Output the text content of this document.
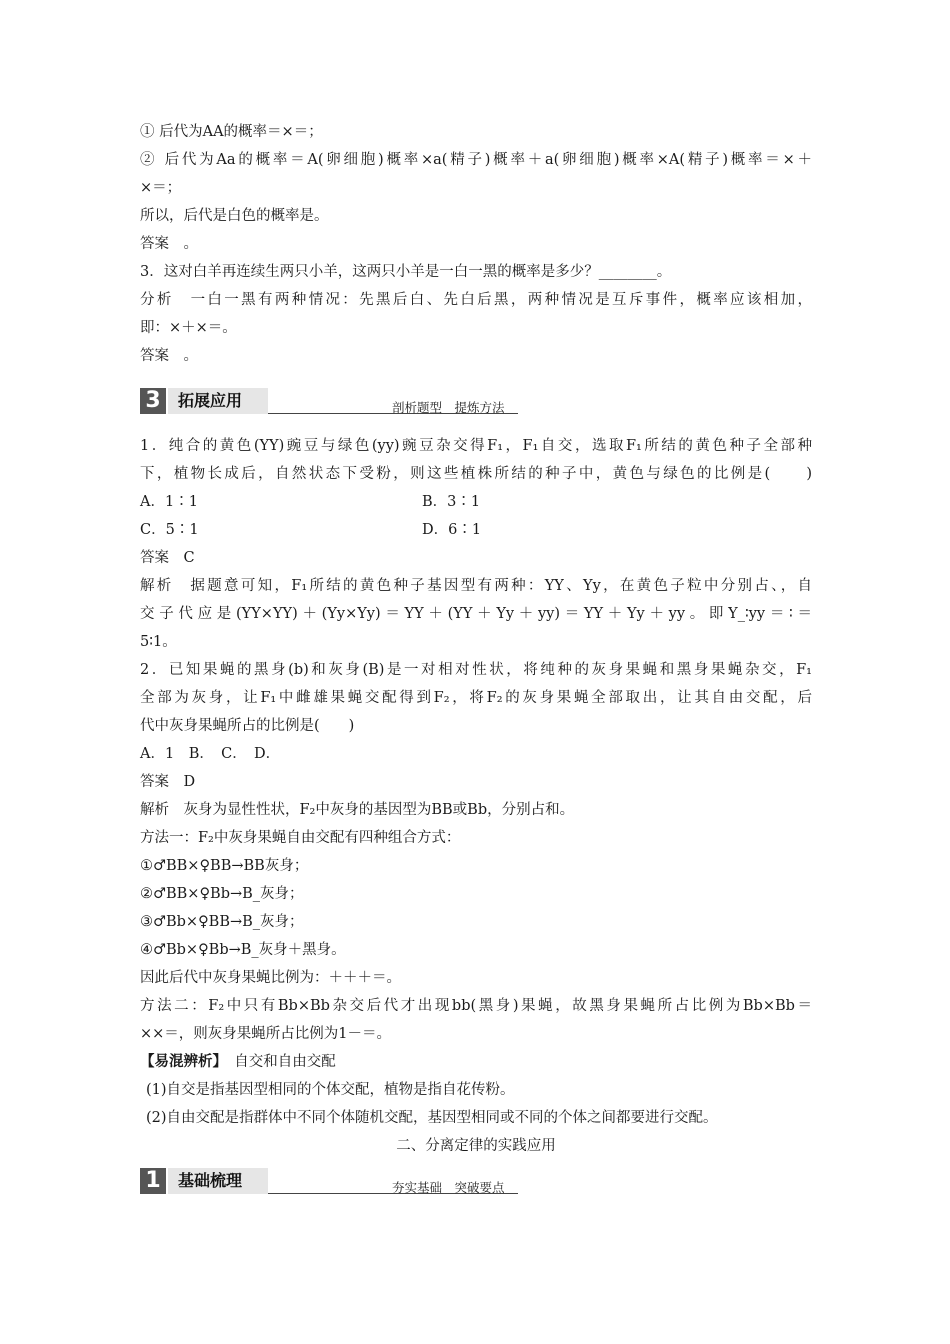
① 后代为AA的概率＝×＝；

② 后代为Aa的概率＝A(卵细胞)概率×a(精子)概率＋a(卵细胞)概率×A(精子)概率＝×＋

×＝；

所以，后代是白色的概率是。

答案　。

3．这对白羊再连续生两只小羊，这两只小羊是一白一黑的概率是多少？________。

分析　一白一黑有两种情况：先黑后白、先白后黑，两种情况是互斥事件，概率应该相加，

即：×＋×＝。

答案　。

3	拓展应用	剖析题型　提炼方法

1．纯合的黄色(YY)豌豆与绿色(yy)豌豆杂交得F₁，F₁自交，选取F₁所结的黄色种子全部种

下，植物长成后，自然状态下受粉，则这些植株所结的种子中，黄色与绿色的比例是(　　)

A．1∶1	B．3∶1
C．5∶1	D．6∶1

答案　C

解析　据题意可知，F₁所结的黄色种子基因型有两种：YY、Yy，在黄色子粒中分别占、，自

交子代应是(YY×YY)＋(Yy×Yy)＝YY＋(YY＋Yy＋yy)＝YY＋Yy＋yy。即Y_∶yy＝∶＝

5∶1。

2．已知果蝇的黑身(b)和灰身(B)是一对相对性状，将纯种的灰身果蝇和黑身果蝇杂交，F₁

全部为灰身，让F₁中雌雄果蝇交配得到F₂，将F₂的灰身果蝇全部取出，让其自由交配，后

代中灰身果蝇所占的比例是(　　)

A．1　B．　C．　D．

答案　D

解析　灰身为显性性状，F₂中灰身的基因型为BB或Bb，分别占和。

方法一：F₂中灰身果蝇自由交配有四种组合方式：

①♂BB×♀BB→BB灰身；

②♂BB×♀Bb→B_灰身；

③♂Bb×♀BB→B_灰身；

④♂Bb×♀Bb→B_灰身＋黑身。

因此后代中灰身果蝇比例为：＋＋＋＝。

方法二：F₂中只有Bb×Bb杂交后代才出现bb(黑身)果蝇，故黑身果蝇所占比例为Bb×Bb＝

××＝，则灰身果蝇所占比例为1－＝。

【易混辨析】　自交和自由交配

(1)自交是指基因型相同的个体交配，植物是指自花传粉。

(2)自由交配是指群体中不同个体随机交配，基因型相同或不同的个体之间都要进行交配。

二、分离定律的实践应用

1	基础梳理	夯实基础　突破要点
